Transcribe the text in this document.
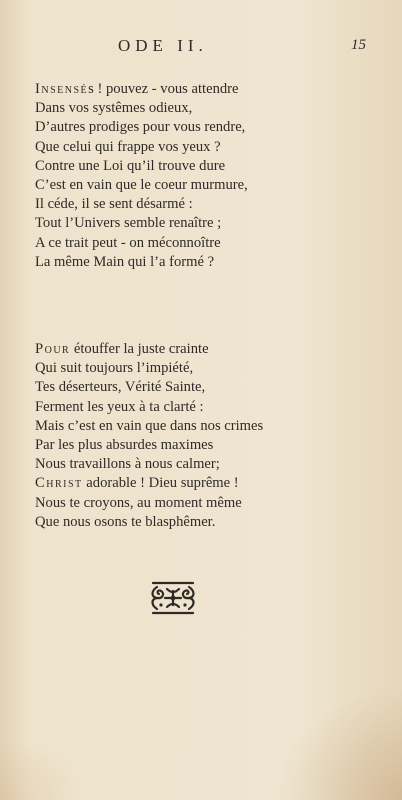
ODE II.	15
Insensés ! pouvez - vous attendre
Dans vos systêmes odieux,
D’autres prodiges pour vous rendre,
Que celui qui frappe vos yeux ?
Contre une Loi qu’il trouve dure
C’est en vain que le coeur murmure,
Il céde, il se sent désarmé :
Tout l’Univers semble renaître ;
A ce trait peut - on méconnoître
La même Main qui l’a formé ?
Pour étouffer la juste crainte
Qui suit toujours l’impiété,
Tes déserteurs, Vérité Sainte,
Ferment les yeux à ta clarté :
Mais c’est en vain que dans nos crimes
Par les plus absurdes maximes
Nous travaillons à nous calmer;
Christ adorable ! Dieu suprême !
Nous te croyons, au moment même
Que nous osons te blasphêmer.
